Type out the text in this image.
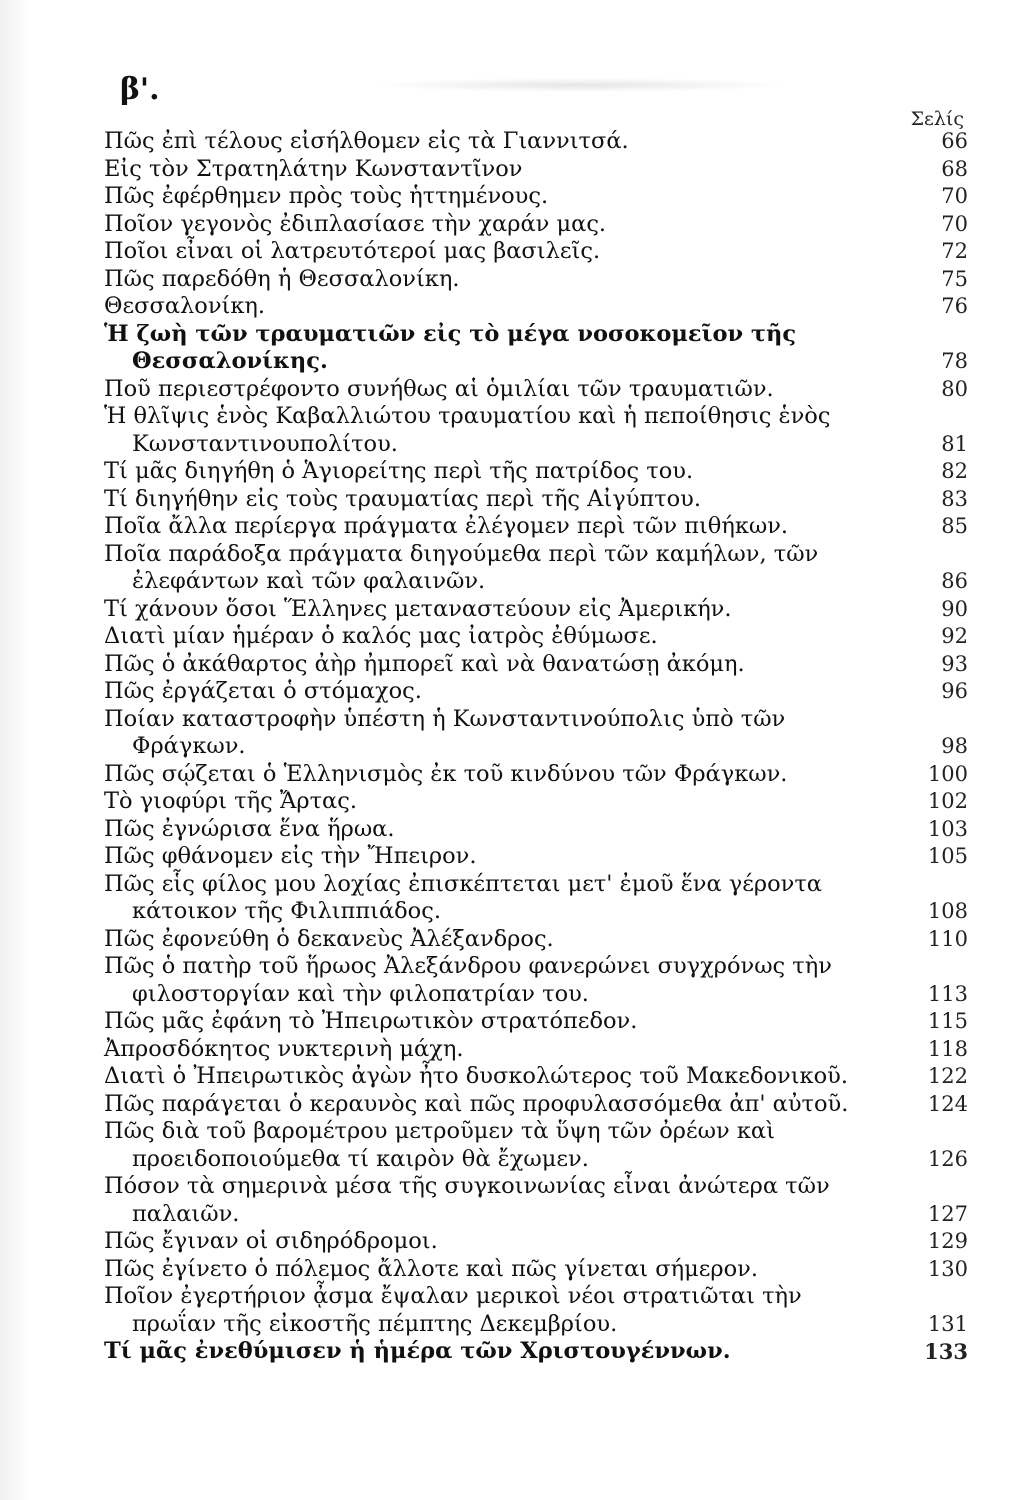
β'.
Σελίς
Πῶς ἐπὶ τέλους εἰσήλθομεν εἰς τὰ Γιαννιτσά.	66
Εἰς τὸν Στρατηλάτην Κωνσταντῖνον	68
Πῶς ἐφέρθημεν πρὸς τοὺς ἡττημένους.	70
Ποῖον γεγονὸς ἐδιπλασίασε τὴν χαράν μας.	70
Ποῖοι εἶναι οἱ λατρευτότεροί μας βασιλεῖς.	72
Πῶς παρεδόθη ἡ Θεσσαλονίκη.	75
Θεσσαλονίκη.	76
Ἡ ζωὴ τῶν τραυματιῶν εἰς τὸ μέγα νοσοκομεῖον τῆς Θεσσαλονίκης.	78
Ποῦ περιεστρέφοντο συνήθως αἱ ὁμιλίαι τῶν τραυματιῶν.	80
Ἡ θλῖψις ἑνὸς Καβαλλιώτου τραυματίου καὶ ἡ πεποίθησις ἑνὸς Κωνσταντινουπολίτου.	81
Τί μᾶς διηγήθη ὁ Ἁγιορείτης περὶ τῆς πατρίδος του.	82
Τί διηγήθην εἰς τοὺς τραυματίας περὶ τῆς Αἰγύπτου.	83
Ποῖα ἄλλα περίεργα πράγματα ἐλέγομεν περὶ τῶν πιθήκων.	85
Ποῖα παράδοξα πράγματα διηγούμεθα περὶ τῶν καμήλων, τῶν ἐλεφάντων καὶ τῶν φαλαινῶν.	86
Τί χάνουν ὅσοι Ἕλληνες μεταναστεύουν εἰς Ἀμερικήν.	90
Διατὶ μίαν ἡμέραν ὁ καλός μας ἰατρὸς ἐθύμωσε.	92
Πῶς ὁ ἀκάθαρτος ἀὴρ ἠμπορεῖ καὶ νὰ θανατώσῃ ἀκόμη.	93
Πῶς ἐργάζεται ὁ στόμαχος.	96
Ποίαν καταστροφὴν ὑπέστη ἡ Κωνσταντινούπολις ὑπὸ τῶν Φράγκων.	98
Πῶς σῴζεται ὁ Ἑλληνισμὸς ἐκ τοῦ κινδύνου τῶν Φράγκων.	100
Τὸ γιοφύρι τῆς Ἄρτας.	102
Πῶς ἐγνώρισα ἕνα ἥρωα.	103
Πῶς φθάνομεν εἰς τὴν Ἤπειρον.	105
Πῶς εἷς φίλος μου λοχίας ἐπισκέπτεται μετ' ἐμοῦ ἕνα γέροντα κάτοικον τῆς Φιλιππιάδος.	108
Πῶς ἐφονεύθη ὁ δεκανεὺς Ἀλέξανδρος.	110
Πῶς ὁ πατὴρ τοῦ ἥρωος Ἀλεξάνδρου φανερώνει συγχρόνως τὴν φιλοστοργίαν καὶ τὴν φιλοπατρίαν του.	113
Πῶς μᾶς ἐφάνη τὸ Ἠπειρωτικὸν στρατόπεδον.	115
Ἀπροσδόκητος νυκτερινὴ μάχη.	118
Διατὶ ὁ Ἠπειρωτικὸς ἀγὼν ἦτο δυσκολώτερος τοῦ Μακεδονικοῦ.	122
Πῶς παράγεται ὁ κεραυνὸς καὶ πῶς προφυλασσόμεθα ἀπ' αὐτοῦ.	124
Πῶς διὰ τοῦ βαρομέτρου μετροῦμεν τὰ ὕψη τῶν ὀρέων καὶ προειδοποιούμεθα τί καιρὸν θὰ ἔχωμεν.	126
Πόσον τὰ σημερινὰ μέσα τῆς συγκοινωνίας εἶναι ἀνώτερα τῶν παλαιῶν.	127
Πῶς ἔγιναν οἱ σιδηρόδρομοι.	129
Πῶς ἐγίνετο ὁ πόλεμος ἄλλοτε καὶ πῶς γίνεται σήμερον.	130
Ποῖον ἐγερτήριον ᾆσμα ἔψαλαν μερικοὶ νέοι στρατιῶται τὴν πρωΐαν τῆς εἰκοστῆς πέμπτης Δεκεμβρίου.	131
Τί μᾶς ἐνεθύμισεν ἡ ἡμέρα τῶν Χριστουγέννων.	133
